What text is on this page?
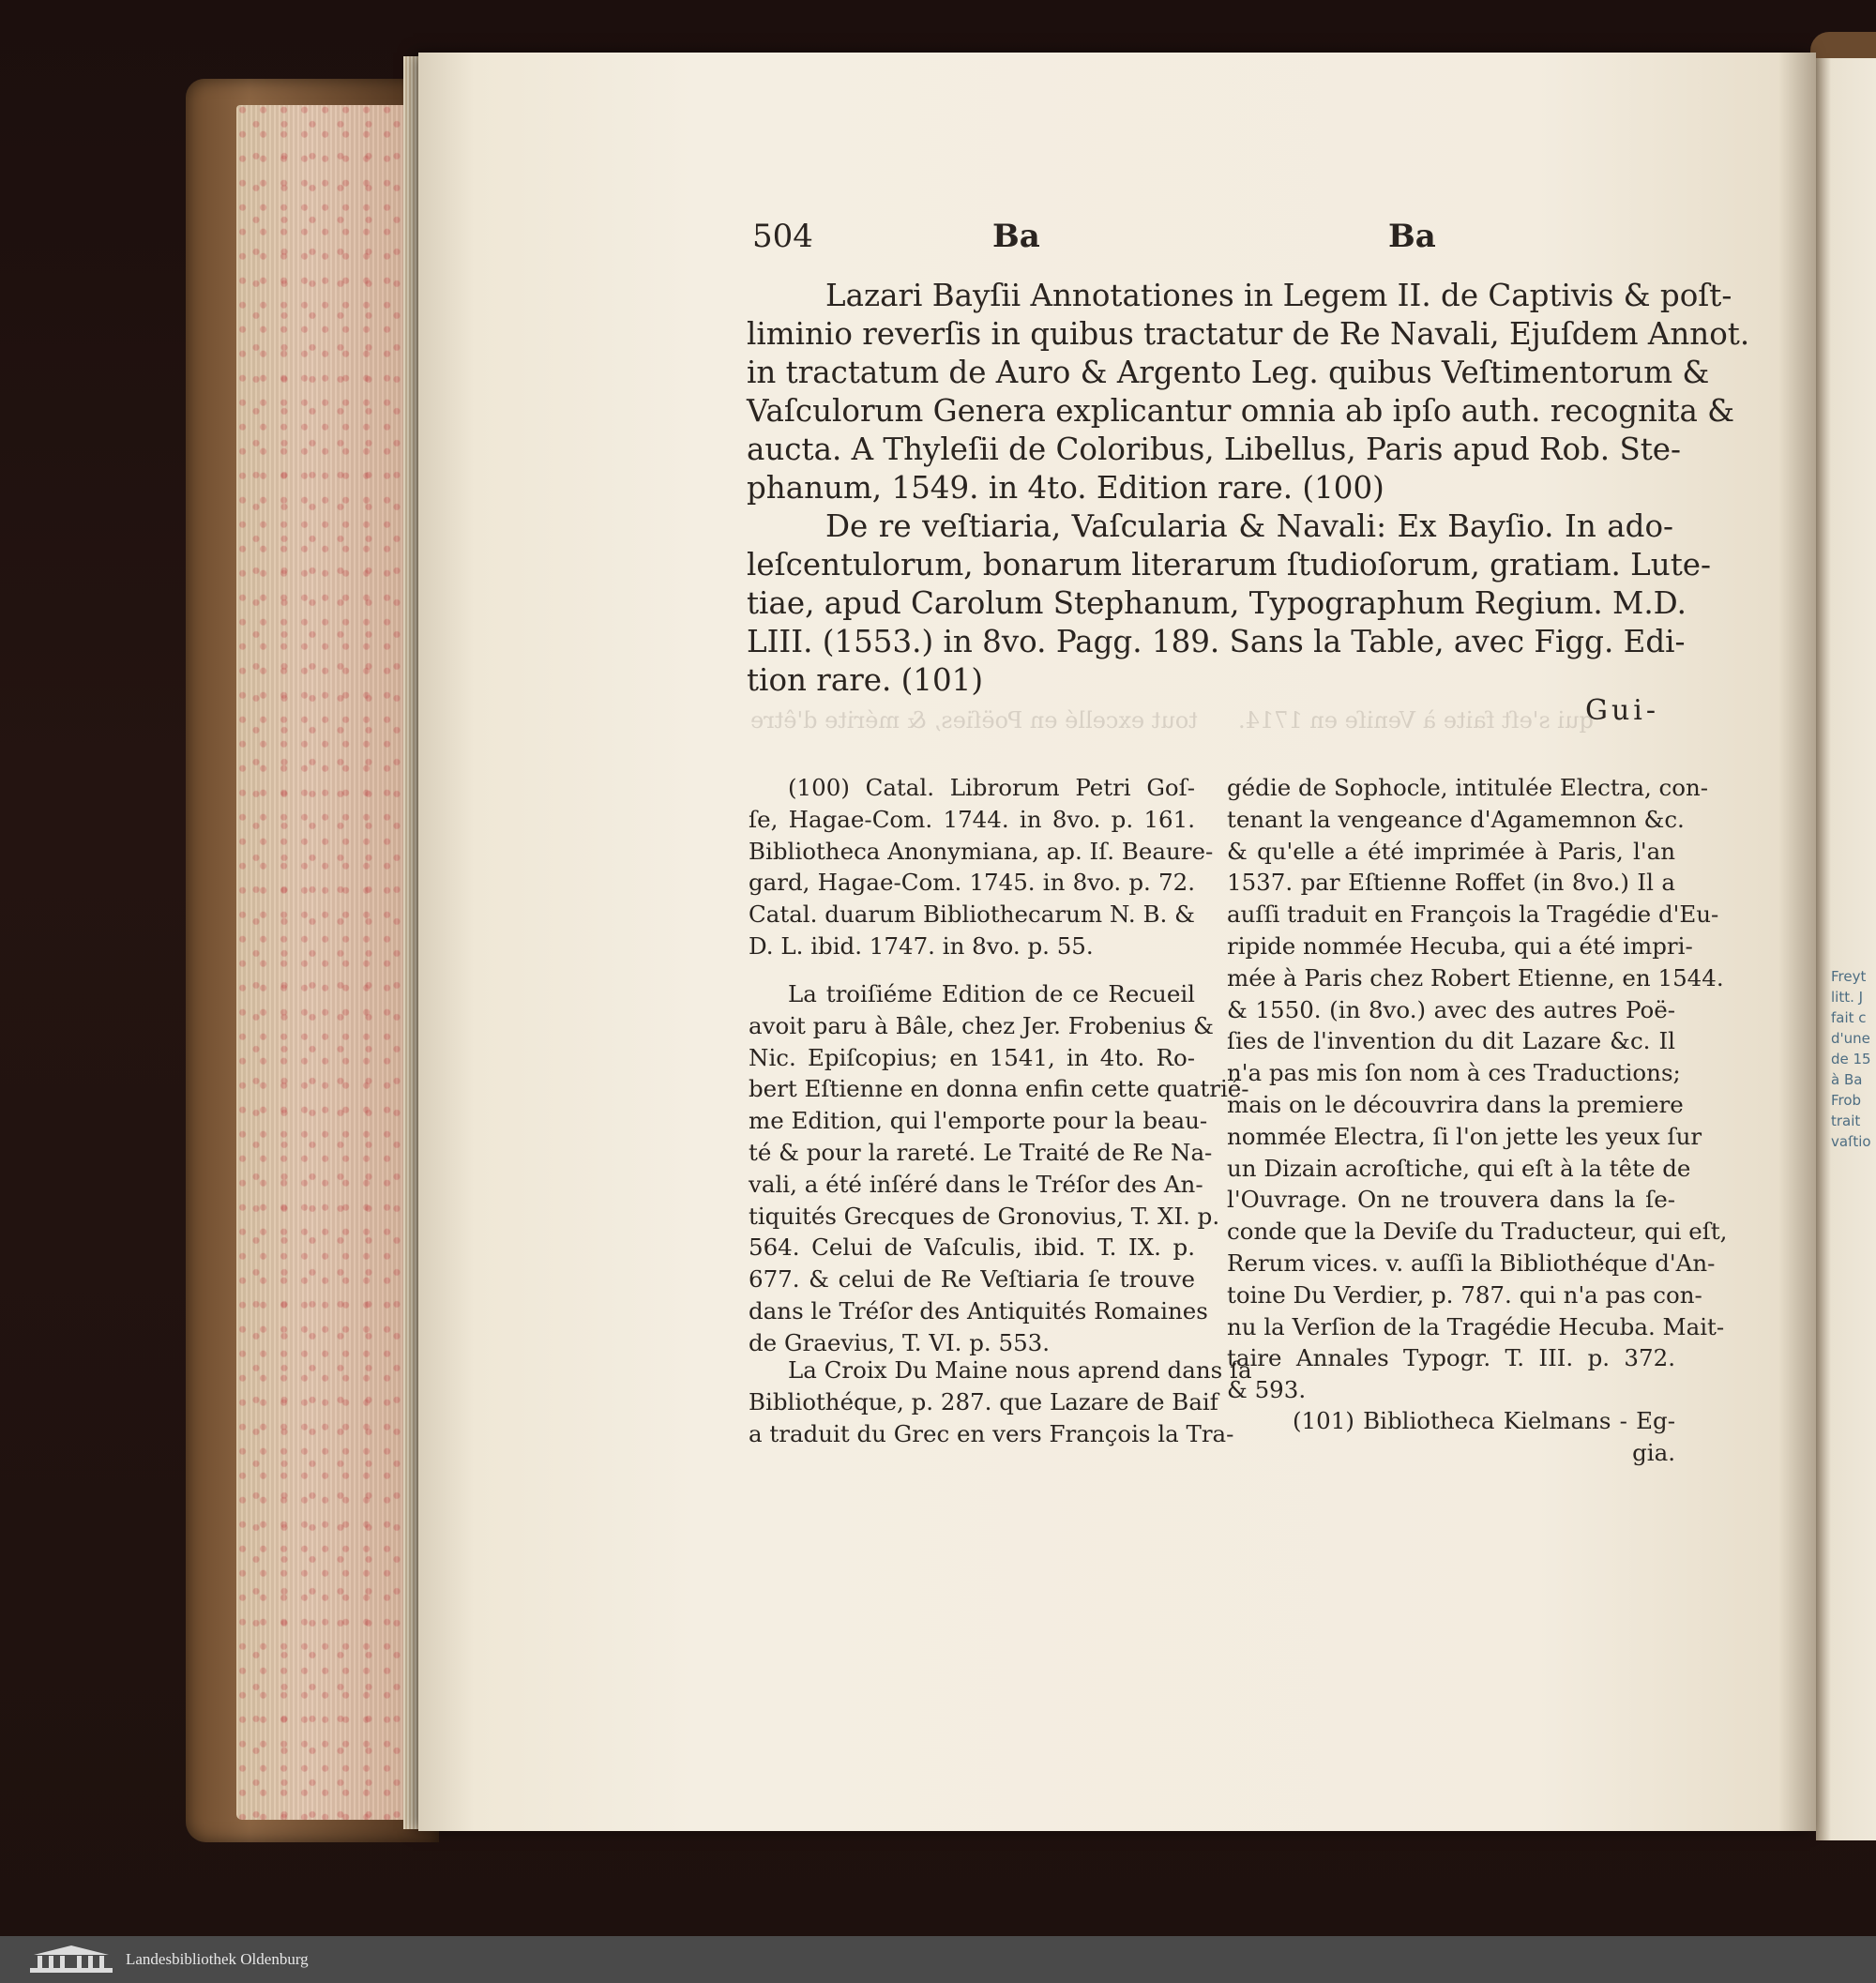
Freyt
litt. J
fait c
d'une
de 15
à Ba
Frob
trait
vaſtio
504	Ba	Ba
Lazari Bayſii Annotationes in Legem II. de Captivis & poſt-
liminio reverſis in quibus tractatur de Re Navali, Ejuſdem Annot.
in tractatum de Auro & Argento Leg. quibus Veſtimentorum &
Vaſculorum Genera explicantur omnia ab ipſo auth. recognita &
aucta. A Thyleſii de Coloribus, Libellus, Paris apud Rob. Ste-
phanum, 1549. in 4to. Edition rare. (100)
De re veſtiaria, Vaſcularia & Navali: Ex Bayſio. In ado-
leſcentulorum, bonarum literarum ſtudioſorum, gratiam. Lute-
tiae, apud Carolum Stephanum, Typographum Regium. M.D.
LIII. (1553.) in 8vo. Pagg. 189. Sans la Table, avec Figg. Edi-
tion rare. (101)
Gui-
tout excellé en Poëſies, & mérite d'être qui s'eſt faite à Veniſe en 1714.
(100) Catal. Librorum Petri Goſ-
ſe, Hagae-Com. 1744. in 8vo. p. 161.
Bibliotheca Anonymiana, ap. Iſ. Beaure-
gard, Hagae-Com. 1745. in 8vo. p. 72.
Catal. duarum Bibliothecarum N. B. &
D. L. ibid. 1747. in 8vo. p. 55.
La troiſiéme Edition de ce Recueil
avoit paru à Bâle, chez Jer. Frobenius &
Nic. Epiſcopius; en 1541, in 4to. Ro-
bert Eſtienne en donna enfin cette quatrié-
me Edition, qui l'emporte pour la beau-
té & pour la rareté. Le Traité de Re Na-
vali, a été inſéré dans le Tréſor des An-
tiquités Grecques de Gronovius, T. XI. p.
564. Celui de Vaſculis, ibid. T. IX. p.
677. & celui de Re Veſtiaria ſe trouve
dans le Tréſor des Antiquités Romaines
de Graevius, T. VI. p. 553.
La Croix Du Maine nous aprend dans ſa
Bibliothéque, p. 287. que Lazare de Baif
a traduit du Grec en vers François la Tra-
gédie de Sophocle, intitulée Electra, con-
tenant la vengeance d'Agamemnon &c.
& qu'elle a été imprimée à Paris, l'an
1537. par Eſtienne Roffet (in 8vo.) Il a
auſſi traduit en François la Tragédie d'Eu-
ripide nommée Hecuba, qui a été impri-
mée à Paris chez Robert Etienne, en 1544.
& 1550. (in 8vo.) avec des autres Poë-
ſies de l'invention du dit Lazare &c. Il
n'a pas mis ſon nom à ces Traductions;
mais on le découvrira dans la premiere
nommée Electra, ſi l'on jette les yeux ſur
un Dizain acroſtiche, qui eſt à la tête de
l'Ouvrage. On ne trouvera dans la ſe-
conde que la Deviſe du Traducteur, qui eſt,
Rerum vices. v. auſſi la Bibliothéque d'An-
toine Du Verdier, p. 787. qui n'a pas con-
nu la Verſion de la Tragédie Hecuba. Mait-
taire Annales Typogr. T. III. p. 372.
& 593.
(101) Bibliotheca Kielmans - Eg-
gia.
Landesbibliothek Oldenburg
